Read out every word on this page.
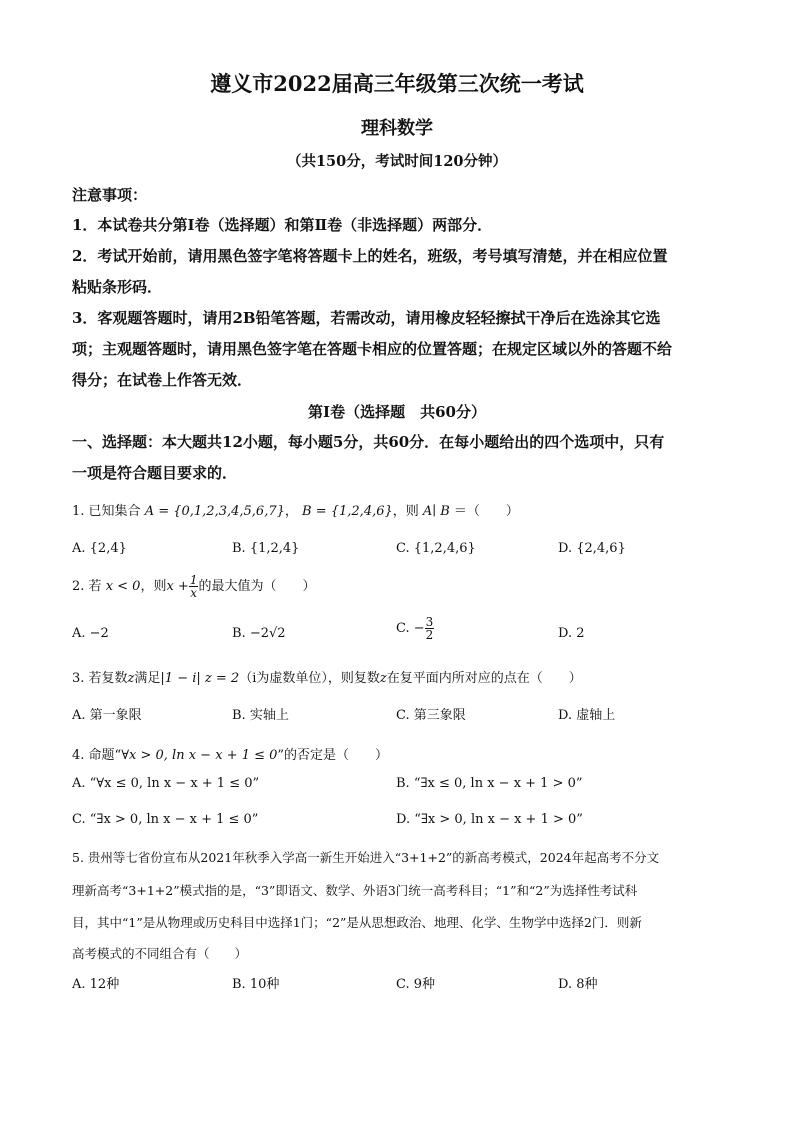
遵义市2022届高三年级第三次统一考试
理科数学
（共150分，考试时间120分钟）
注意事项：
1．本试卷共分第Ⅰ卷（选择题）和第Ⅱ卷（非选择题）两部分．
2．考试开始前，请用黑色签字笔将答题卡上的姓名，班级，考号填写清楚，并在相应位置
粘贴条形码．
3．客观题答题时，请用2B铅笔答题，若需改动，请用橡皮轻轻擦拭干净后在选涂其它选
项；主观题答题时，请用黑色签字笔在答题卡相应的位置答题；在规定区域以外的答题不给
得分；在试卷上作答无效．
第Ⅰ卷（选择题　共60分）
一、选择题：本大题共12小题，每小题5分，共60分．在每小题给出的四个选项中，只有
一项是符合题目要求的．
1. 已知集合 A = {0,1,2,3,4,5,6,7}， B = {1,2,4,6}，则 A∣ B ＝（　　）
A. {2,4}	B. {1,2,4}	C. {1,2,4,6}	D. {2,4,6}
2. 若 x < 0，则$x + \frac{1}{x}$ 的最大值为（　　）
A. −2	B. −2√2	C. − $\frac{3}{2}$	D. 2
3. 若复数z满足|1 − i| z = 2（i为虚数单位），则复数z在复平面内所对应的点在（　　）
A. 第一象限	B. 实轴上	C. 第三象限	D. 虚轴上
4. 命题“∀x > 0, ln x − x + 1 ≤ 0”的否定是（　　）
A. “∀x ≤ 0, ln x − x + 1 ≤ 0”	B. “∃x ≤ 0, ln x − x + 1 > 0”
C. “∃x > 0, ln x − x + 1 ≤ 0”	D. “∃x > 0, ln x − x + 1 > 0”
5. 贵州等七省份宣布从2021年秋季入学高一新生开始进入“3+1+2”的新高考模式，2024年起高考不分文
理新高考“3+1+2”模式指的是，“3”即语文、数学、外语3门统一高考科目；“1”和“2”为选择性考试科
目，其中“1”是从物理或历史科目中选择1门；“2”是从思想政治、地理、化学、生物学中选择2门．则新
高考模式的不同组合有（　　）
A. 12种	B. 10种	C. 9种	D. 8种
